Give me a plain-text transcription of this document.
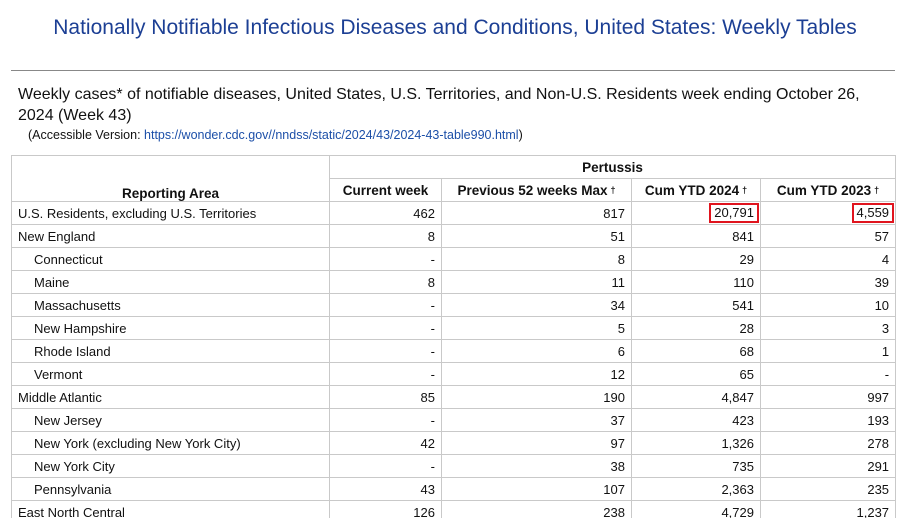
Nationally Notifiable Infectious Diseases and Conditions, United States: Weekly Tables
Weekly cases* of notifiable diseases, United States, U.S. Territories, and Non-U.S. Residents week ending October 26, 2024 (Week 43)
(Accessible Version: https://wonder.cdc.gov//nndss/static/2024/43/2024-43-table990.html)
Reporting Area	Pertussis			
	Current week	Previous 52 weeks Max †	Cum YTD 2024 †	Cum YTD 2023 †
U.S. Residents, excluding U.S. Territories	462	817	20,791	4,559
New England	8	51	841	57
Connecticut	-	8	29	4
Maine	8	11	110	39
Massachusetts	-	34	541	10
New Hampshire	-	5	28	3
Rhode Island	-	6	68	1
Vermont	-	12	65	-
Middle Atlantic	85	190	4,847	997
New Jersey	-	37	423	193
New York (excluding New York City)	42	97	1,326	278
New York City	-	38	735	291
Pennsylvania	43	107	2,363	235
East North Central	126	238	4,729	1,237
